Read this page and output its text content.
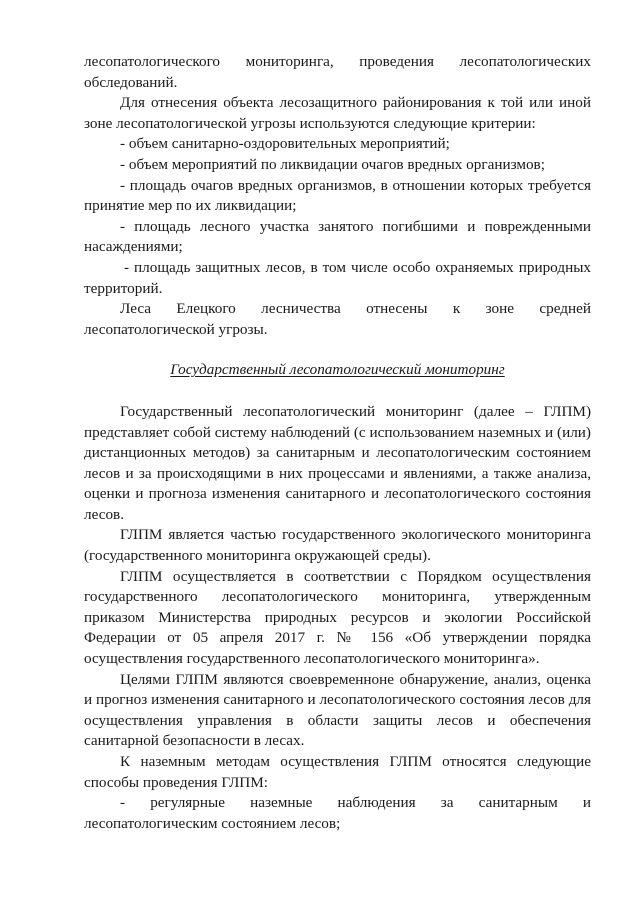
лесопатологического мониторинга, проведения лесопатологических обследований.

Для отнесения объекта лесозащитного районирования к той или иной зоне лесопатологической угрозы используются следующие критерии:

- объем санитарно-оздоровительных мероприятий;

- объем мероприятий по ликвидации очагов вредных организмов;

- площадь очагов вредных организмов, в отношении которых требуется принятие мер по их ликвидации;

- площадь лесного участка занятого погибшими и поврежденными насаждениями;

- площадь защитных лесов, в том числе особо охраняемых природных территорий.

Леса Елецкого лесничества отнесены к зоне средней лесопатологической угрозы.

Государственный лесопатологический мониторинг

Государственный лесопатологический мониторинг (далее – ГЛПМ) представляет собой систему наблюдений (с использованием наземных и (или) дистанционных методов) за санитарным и лесопатологическим состоянием лесов и за происходящими в них процессами и явлениями, а также анализа, оценки и прогноза изменения санитарного и лесопатологического состояния лесов.

ГЛПМ является частью государственного экологического мониторинга (государственного мониторинга окружающей среды).

ГЛПМ осуществляется в соответствии с Порядком осуществления государственного лесопатологического мониторинга, утвержденным приказом Министерства природных ресурсов и экологии Российской Федерации от 05 апреля 2017 г. № 156 «Об утверждении порядка осуществления государственного лесопатологического мониторинга».

Целями ГЛПМ являются своевременноне обнаружение, анализ, оценка и прогноз изменения санитарного и лесопатологического состояния лесов для осуществления управления в области защиты лесов и обеспечения санитарной безопасности в лесах.

К наземным методам осуществления ГЛПМ относятся следующие способы проведения ГЛПМ:

- регулярные наземные наблюдения за санитарным и лесопатологическим состоянием лесов;
